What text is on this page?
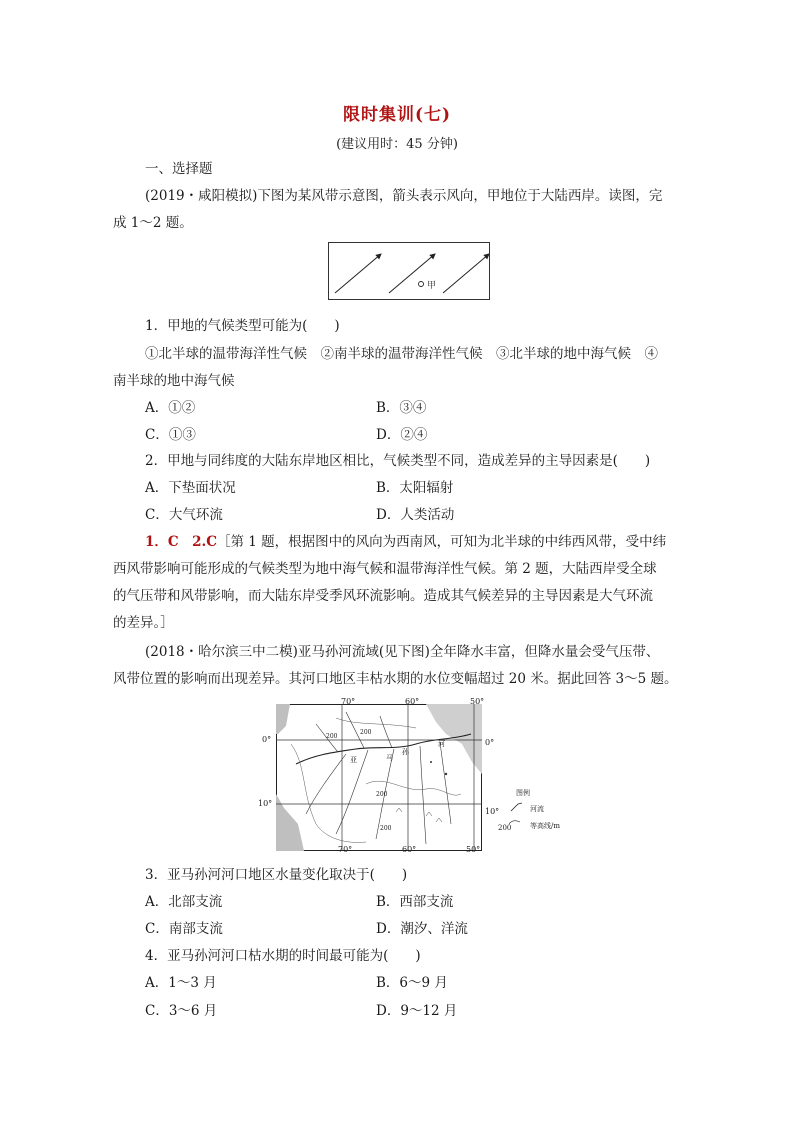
限时集训(七)
(建议用时：45 分钟)
一、选择题
(2019・咸阳模拟)下图为某风带示意图，箭头表示风向，甲地位于大陆西岸。读图，完
成 1～2 题。
甲
1．甲地的气候类型可能为(　　)
①北半球的温带海洋性气候　②南半球的温带海洋性气候　③北半球的地中海气候　④
南半球的地中海气候
A．①②	B．③④
C．①③	D．②④
2．甲地与同纬度的大陆东岸地区相比，气候类型不同，造成差异的主导因素是(　　)
A．下垫面状况	B．太阳辐射
C．大气环流	D．人类活动
1．C　2.C［第 1 题，根据图中的风向为西南风，可知为北半球的中纬西风带，受中纬
西风带影响可能形成的气候类型为地中海气候和温带海洋性气候。第 2 题，大陆西岸受全球
的气压带和风带影响，而大陆东岸受季风环流影响。造成其气候差异的主导因素是大气环流
的差异。］
(2018・哈尔滨三中二模)亚马孙河流域(见下图)全年降水丰富，但降水量会受气压带、
风带位置的影响而出现差异。其河口地区丰枯水期的水位变幅超过 20 米。据此回答 3～5 题。
200
200
200
200
亚	马
孙
河
70°	60°	50°
70°	60°	50°
0°
10°
0°
10°
图例
河流
200	等高线/m
3．亚马孙河河口地区水量变化取决于(　　)
A．北部支流	B．西部支流
C．南部支流	D．潮汐、洋流
4．亚马孙河河口枯水期的时间最可能为(　　)
A．1～3 月	B．6～9 月
C．3～6 月	D．9～12 月
